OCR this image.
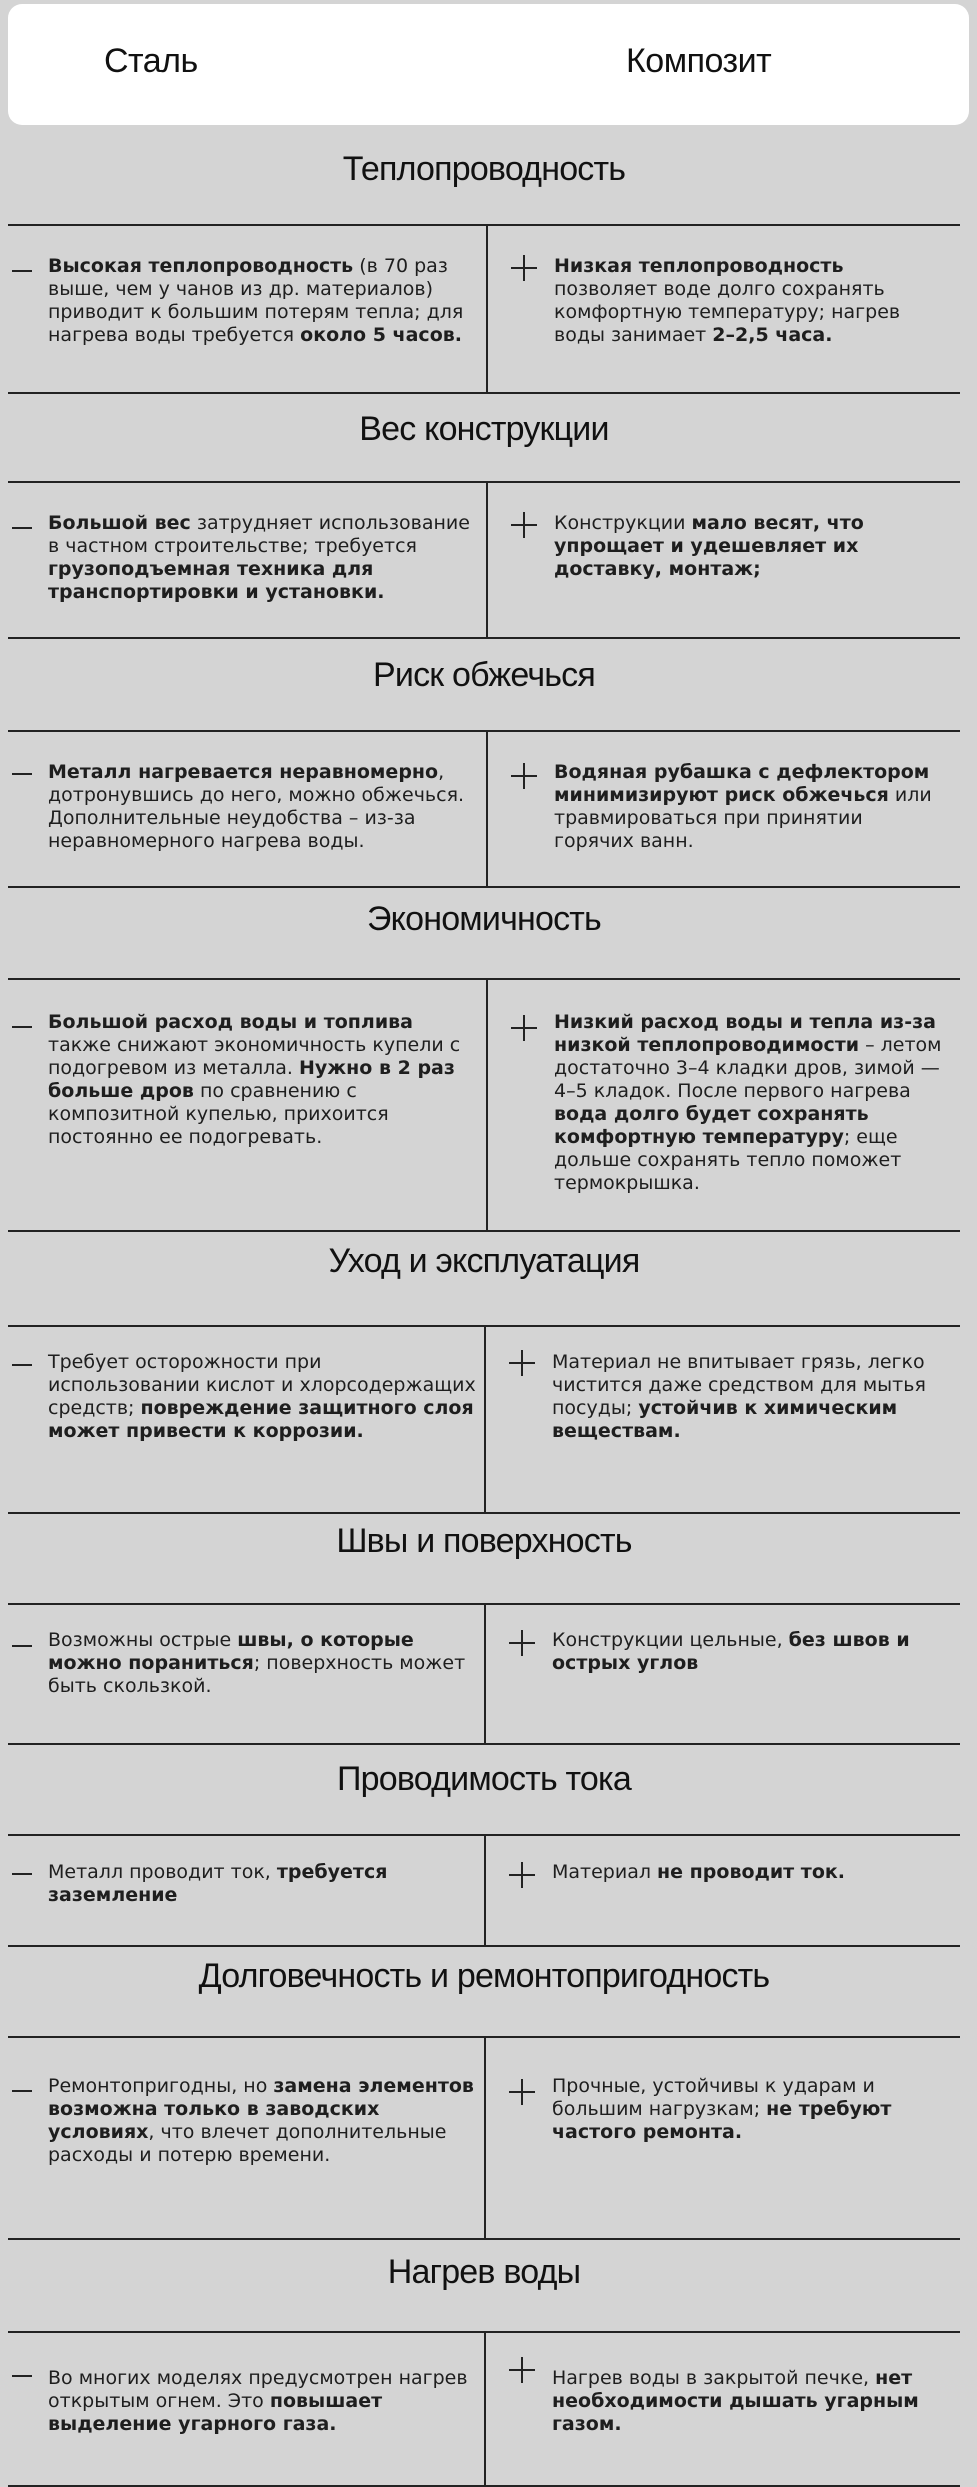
Сталь	Композит
Теплопроводность
Высокая теплопроводность (в 70 раз выше, чем у чанов из др. материалов) приводит к большим потерям тепла; для нагрева воды требуется около 5 часов.
Низкая теплопроводность позволяет воде долго сохранять комфортную температуру; нагрев воды занимает 2–2,5 часа.
Вес конструкции
Большой вес затрудняет использование в частном строительстве; требуется грузоподъемная техника для транспортировки и установки.
Конструкции мало весят, что упрощает и удешевляет их доставку, монтаж;
Риск обжечься
Металл нагревается неравномерно, дотронувшись до него, можно обжечься. Дополнительные неудобства – из-за неравномерного нагрева воды.
Водяная рубашка с дефлектором минимизируют риск обжечься или травмироваться при принятии горячих ванн.
Экономичность
Большой расход воды и топлива также снижают экономичность купели с подогревом из металла. Нужно в 2 раз больше дров по сравнению с композитной купелью, прихоится постоянно ее подогревать.
Низкий расход воды и тепла из-за низкой теплопроводимости – летом достаточно 3–4 кладки дров, зимой — 4–5 кладок. После первого нагрева вода долго будет сохранять комфортную температуру; еще дольше сохранять тепло поможет термокрышка.
Уход и эксплуатация
Требует осторожности при использовании кислот и хлорсодержащих средств; повреждение защитного слоя может привести к коррозии.
Материал не впитывает грязь, легко чистится даже средством для мытья посуды; устойчив к химическим веществам.
Швы и поверхность
Возможны острые швы, о которые можно пораниться; поверхность может быть скользкой.
Конструкции цельные, без швов и острых углов
Проводимость тока
Металл проводит ток, требуется заземление
Материал не проводит ток.
Долговечность и ремонтопригодность
Ремонтопригодны, но замена элементов возможна только в заводских условиях, что влечет дополнительные расходы и потерю времени.
Прочные, устойчивы к ударам и большим нагрузкам; не требуют частого ремонта.
Нагрев воды
Во многих моделях предусмотрен нагрев открытым огнем. Это повышает выделение угарного газа.
Нагрев воды в закрытой печке, нет необходимости дышать угарным газом.
